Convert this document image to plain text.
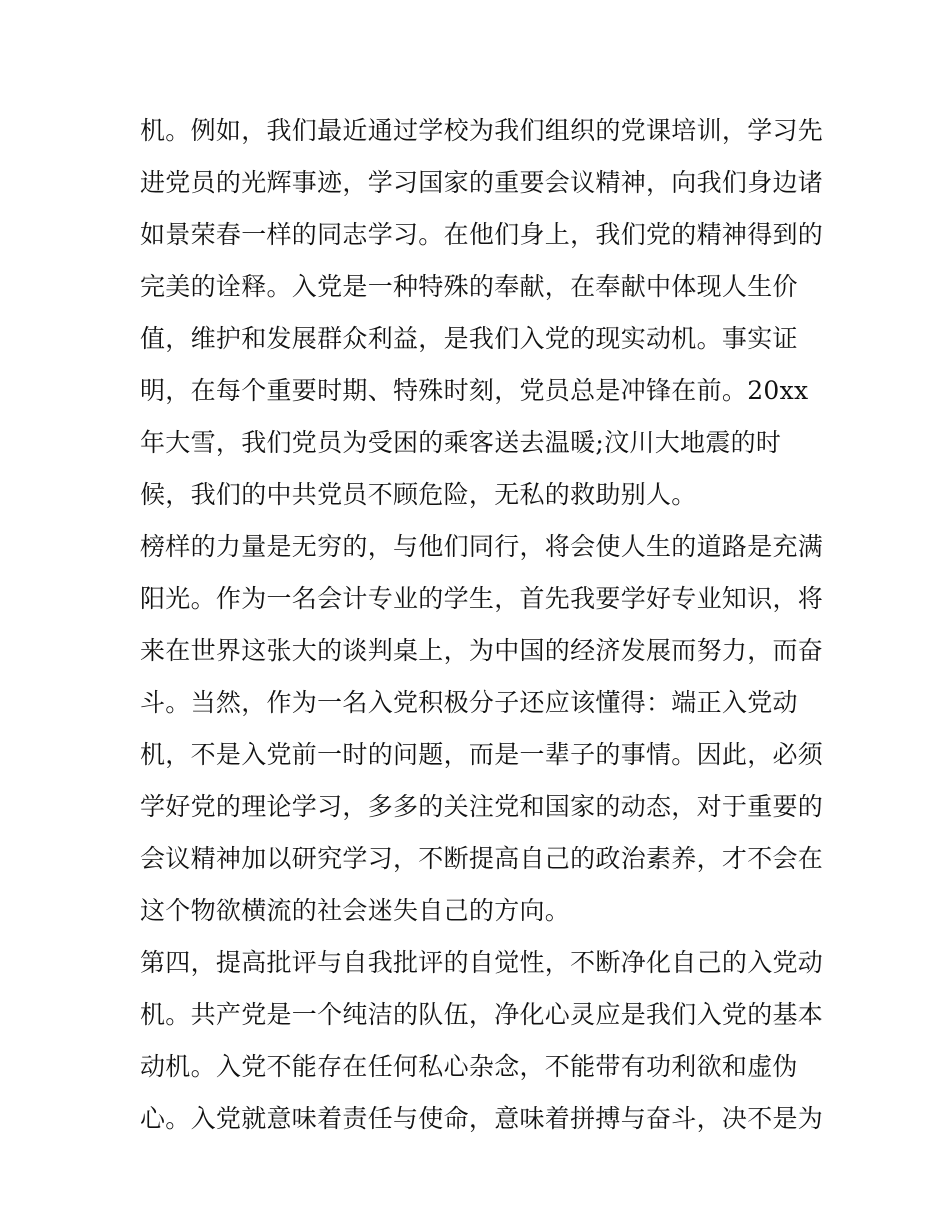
机。例如，我们最近通过学校为我们组织的党课培训，学习先
进党员的光辉事迹，学习国家的重要会议精神，向我们身边诸
如景荣春一样的同志学习。在他们身上，我们党的精神得到的
完美的诠释。入党是一种特殊的奉献，在奉献中体现人生价
值，维护和发展群众利益，是我们入党的现实动机。事实证
明，在每个重要时期、特殊时刻，党员总是冲锋在前。20xx
年大雪，我们党员为受困的乘客送去温暖;汶川大地震的时
候，我们的中共党员不顾危险，无私的救助别人。
榜样的力量是无穷的，与他们同行，将会使人生的道路是充满
阳光。作为一名会计专业的学生，首先我要学好专业知识，将
来在世界这张大的谈判桌上，为中国的经济发展而努力，而奋
斗。当然，作为一名入党积极分子还应该懂得：端正入党动
机，不是入党前一时的问题，而是一辈子的事情。因此，必须
学好党的理论学习，多多的关注党和国家的动态，对于重要的
会议精神加以研究学习，不断提高自己的政治素养，才不会在
这个物欲横流的社会迷失自己的方向。
第四，提高批评与自我批评的自觉性，不断净化自己的入党动
机。共产党是一个纯洁的队伍，净化心灵应是我们入党的基本
动机。入党不能存在任何私心杂念，不能带有功利欲和虚伪
心。入党就意味着责任与使命，意味着拼搏与奋斗，决不是为
